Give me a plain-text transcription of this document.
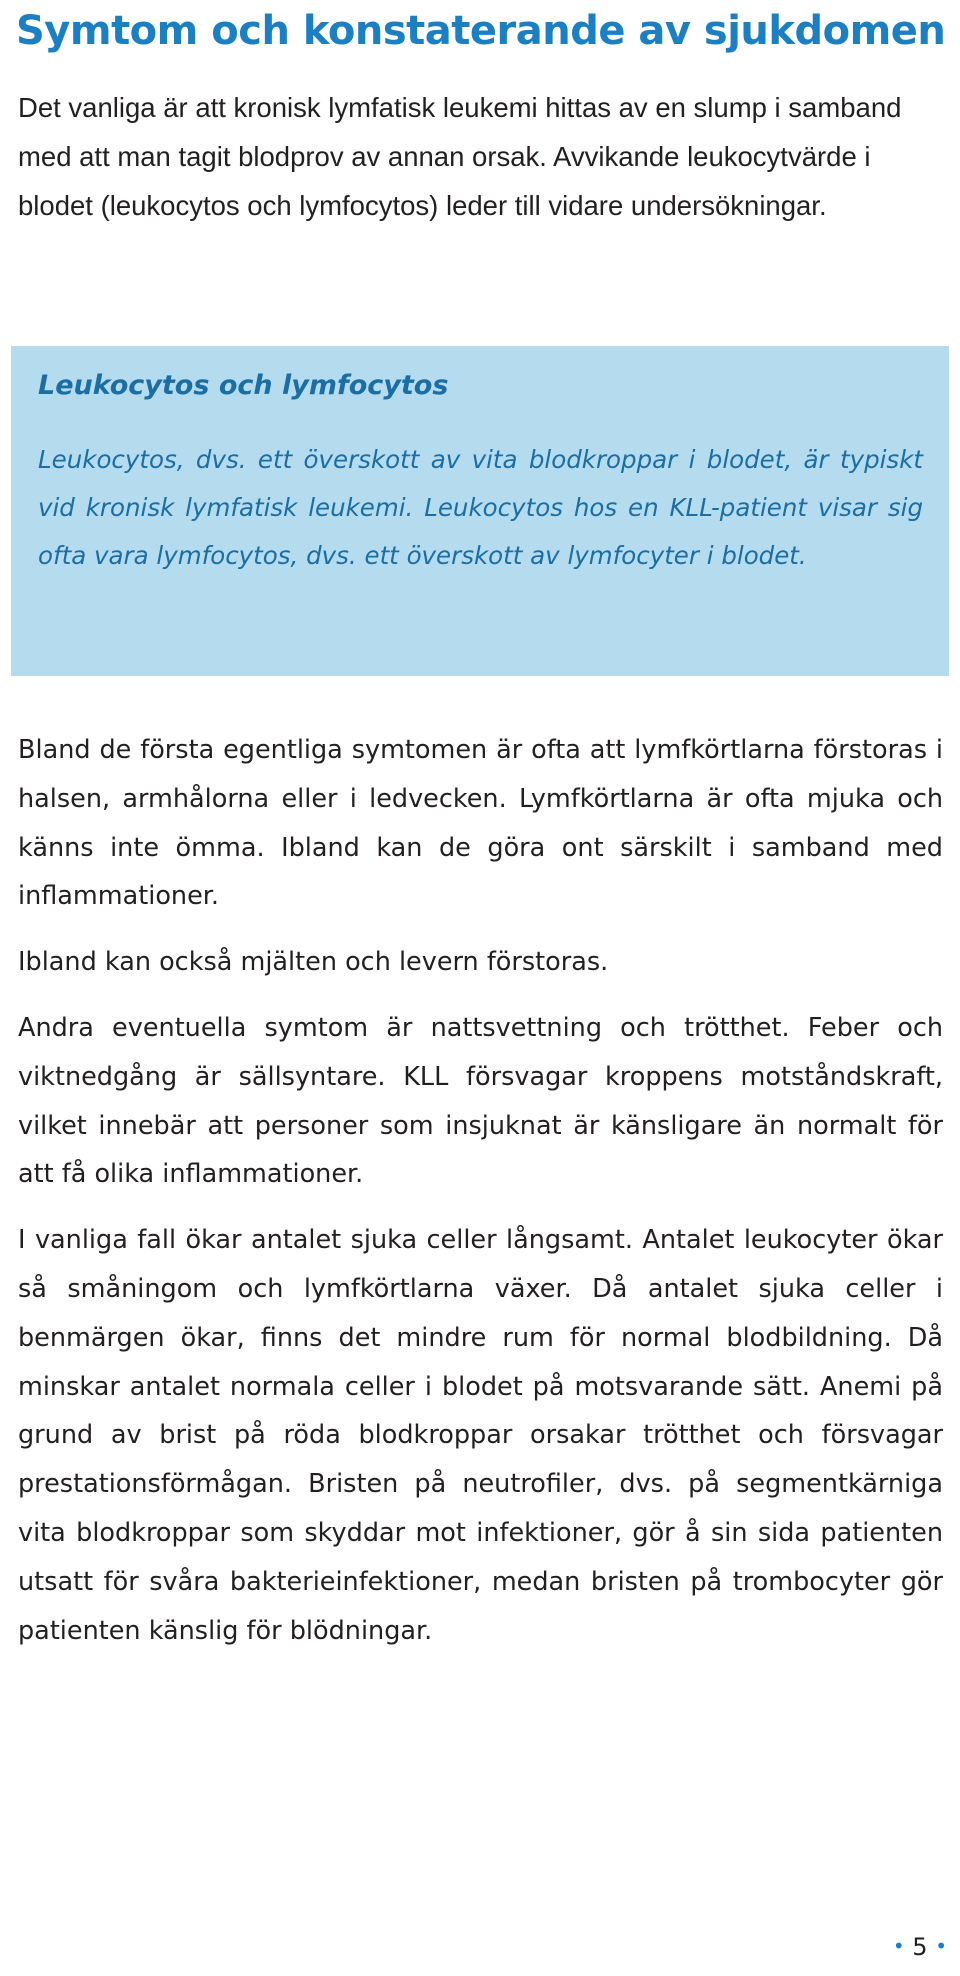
Symtom och konstaterande av sjukdomen

Det vanliga är att kronisk lymfatisk leukemi hittas av en slump i samband med att man tagit blodprov av annan orsak. Avvikande leukocytvärde i blodet (leukocytos och lymfocytos) leder till vidare undersökningar.

Leukocytos och lymfocytos

Leukocytos, dvs. ett överskott av vita blodkroppar i blodet, är typiskt vid kronisk lymfatisk leukemi. Leukocytos hos en KLL-patient visar sig ofta vara lymfocytos, dvs. ett överskott av lymfocyter i blodet.

Bland de första egentliga symtomen är ofta att lymfkörtlarna förstoras i halsen, armhålorna eller i ledvecken. Lymfkörtlarna är ofta mjuka och känns inte ömma. Ibland kan de göra ont särskilt i samband med inflammationer.

Ibland kan också mjälten och levern förstoras.

Andra eventuella symtom är nattsvettning och trötthet. Feber och viktnedgång är sällsyntare. KLL försvagar kroppens motståndskraft, vilket innebär att personer som insjuknat är känsligare än normalt för att få olika inflammationer.

I vanliga fall ökar antalet sjuka celler långsamt. Antalet leukocyter ökar så småningom och lymfkörtlarna växer. Då antalet sjuka celler i benmärgen ökar, finns det mindre rum för normal blodbildning. Då minskar antalet normala celler i blodet på motsvarande sätt. Anemi på grund av brist på röda blodkroppar orsakar trötthet och försvagar prestationsförmågan. Bristen på neutrofiler, dvs. på segmentkärniga vita blodkroppar som skyddar mot infektioner, gör å sin sida patienten utsatt för svåra bakterieinfektioner, medan bristen på trombocyter gör patienten känslig för blödningar.

• 5 •
